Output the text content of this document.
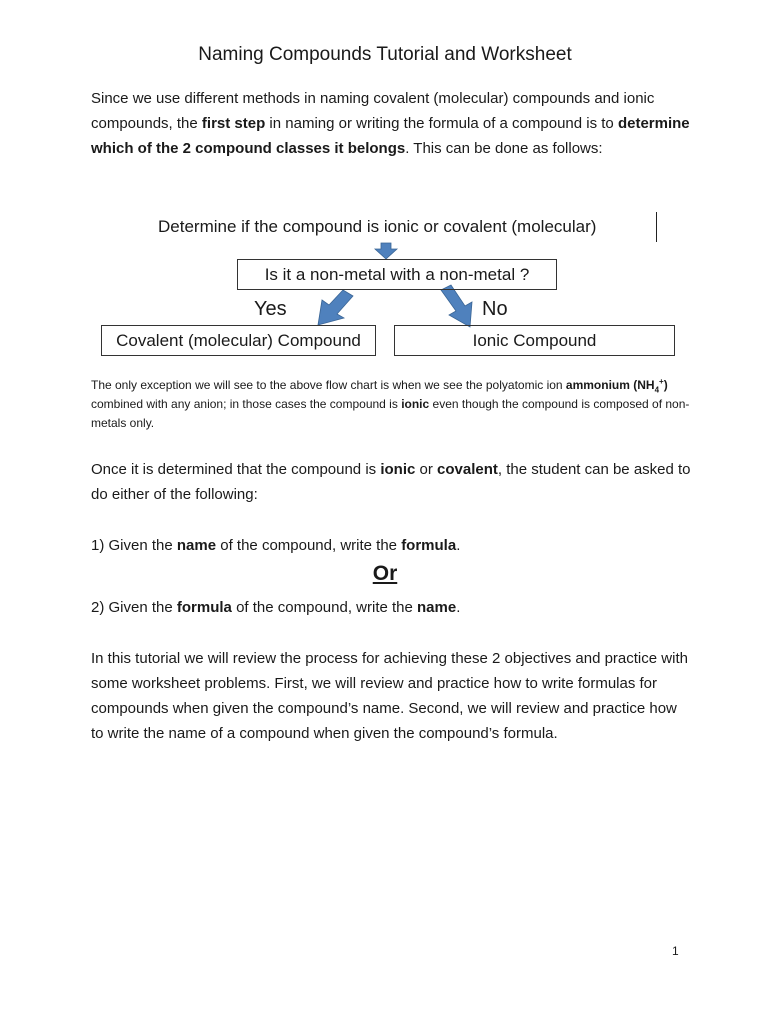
Naming Compounds Tutorial and Worksheet

Since we use different methods in naming covalent (molecular) compounds and ionic compounds, the first step in naming or writing the formula of a compound is to determine which of the 2 compound classes it belongs. This can be done as follows:

Determine if the compound is ionic or covalent (molecular)
Is it a non-metal with a non-metal ?
Yes	No
Covalent (molecular) Compound	Ionic Compound

The only exception we will see to the above flow chart is when we see the polyatomic ion ammonium $(NH_4^+)$ combined with any anion; in those cases the compound is ionic even though the compound is composed of non-metals only.

Once it is determined that the compound is ionic or covalent, the student can be asked to do either of the following:

1) Given the name of the compound, write the formula.

Or

2) Given the formula of the compound, write the name.

In this tutorial we will review the process for achieving these 2 objectives and practice with some worksheet problems. First, we will review and practice how to write formulas for compounds when given the compound’s name. Second, we will review and practice how to write the name of a compound when given the compound’s formula.

1
